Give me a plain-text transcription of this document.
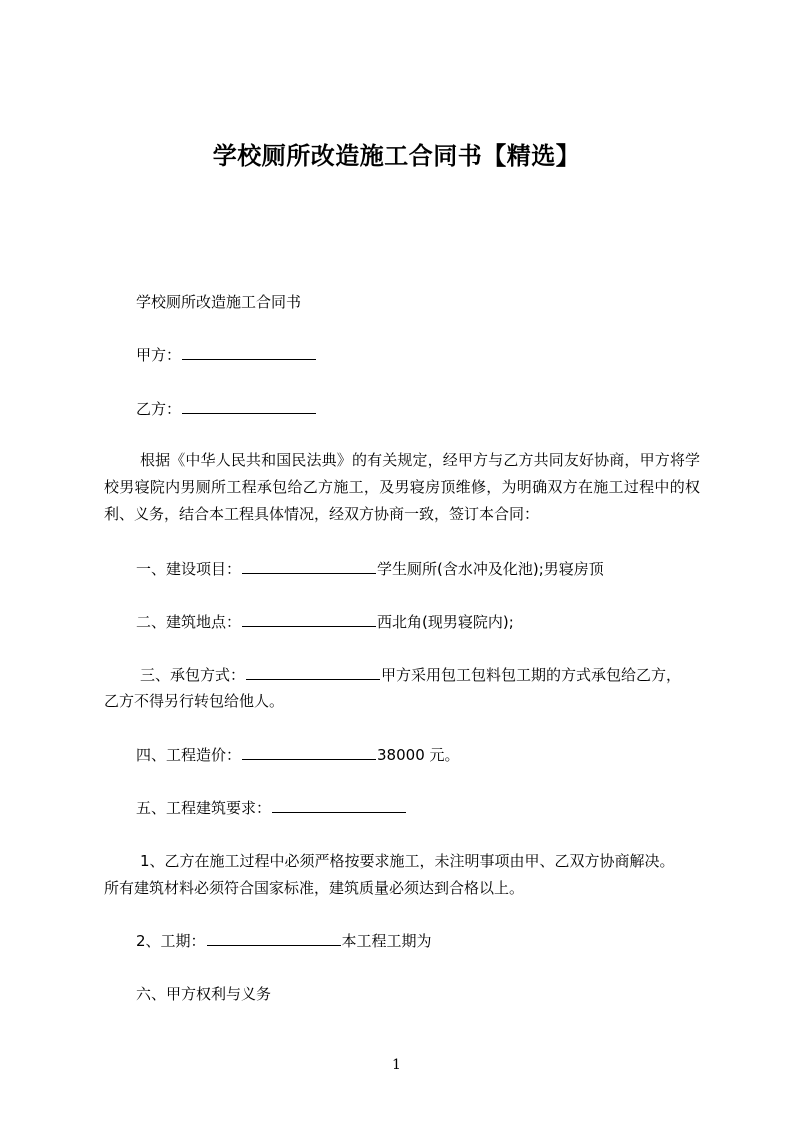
学校厕所改造施工合同书【精选】
学校厕所改造施工合同书
甲方：
乙方：
根据《中华人民共和国民法典》的有关规定，经甲方与乙方共同友好协商，甲方将学校男寝院内男厕所工程承包给乙方施工，及男寝房顶维修，为明确双方在施工过程中的权利、义务，结合本工程具体情况，经双方协商一致，签订本合同：
一、建设项目：	学生厕所(含水冲及化池);男寝房顶
二、建筑地点：	西北角(现男寝院内);
三、承包方式：	甲方采用包工包料包工期的方式承包给乙方，
乙方不得另行转包给他人。
四、工程造价：	38000 元。
五、工程建筑要求：
1、乙方在施工过程中必须严格按要求施工，未注明事项由甲、乙双方协商解决。
所有建筑材料必须符合国家标准，建筑质量必须达到合格以上。
2、工期：	本工程工期为
六、甲方权利与义务
1
